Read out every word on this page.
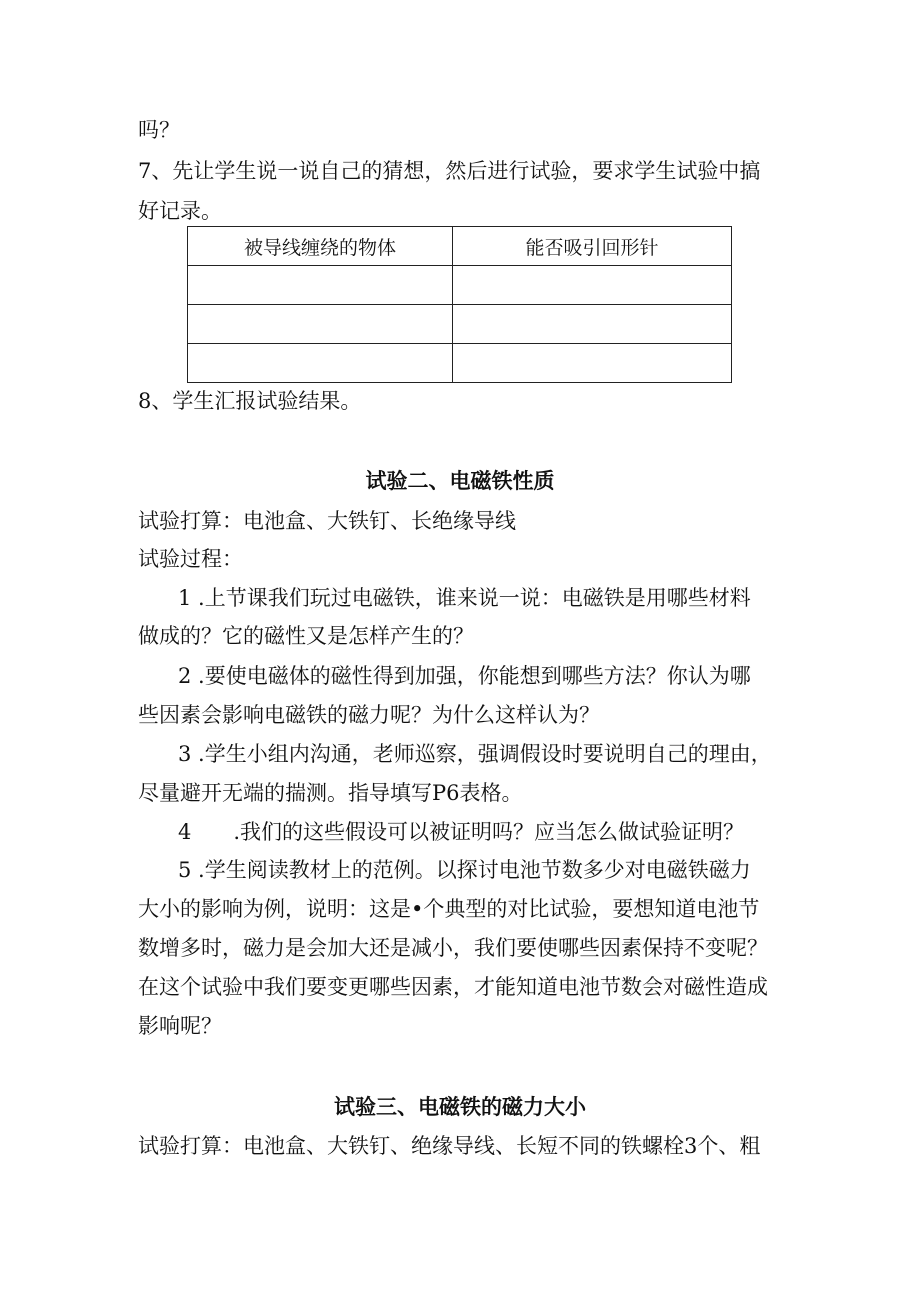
吗？
7、先让学生说一说自己的猜想，然后进行试验，要求学生试验中搞
好记录。
被导线缠绕的物体	能否吸引回形针

8、学生汇报试验结果。
试验二、电磁铁性质
试验打算：电池盒、大铁钉、长绝缘导线
试验过程：
1 .上节课我们玩过电磁铁，谁来说一说：电磁铁是用哪些材料
做成的？它的磁性又是怎样产生的？
2 .要使电磁体的磁性得到加强，你能想到哪些方法？你认为哪
些因素会影响电磁铁的磁力呢？为什么这样认为？
3 .学生小组内沟通，老师巡察，强调假设时要说明自己的理由，
尽量避开无端的揣测。指导填写P6表格。
4　　.我们的这些假设可以被证明吗？应当怎么做试验证明？
5 .学生阅读教材上的范例。以探讨电池节数多少对电磁铁磁力
大小的影响为例，说明：这是•个典型的对比试验，要想知道电池节
数增多时，磁力是会加大还是减小，我们要使哪些因素保持不变呢？
在这个试验中我们要变更哪些因素，才能知道电池节数会对磁性造成
影响呢？
试验三、电磁铁的磁力大小
试验打算：电池盒、大铁钉、绝缘导线、长短不同的铁螺栓3个、粗
